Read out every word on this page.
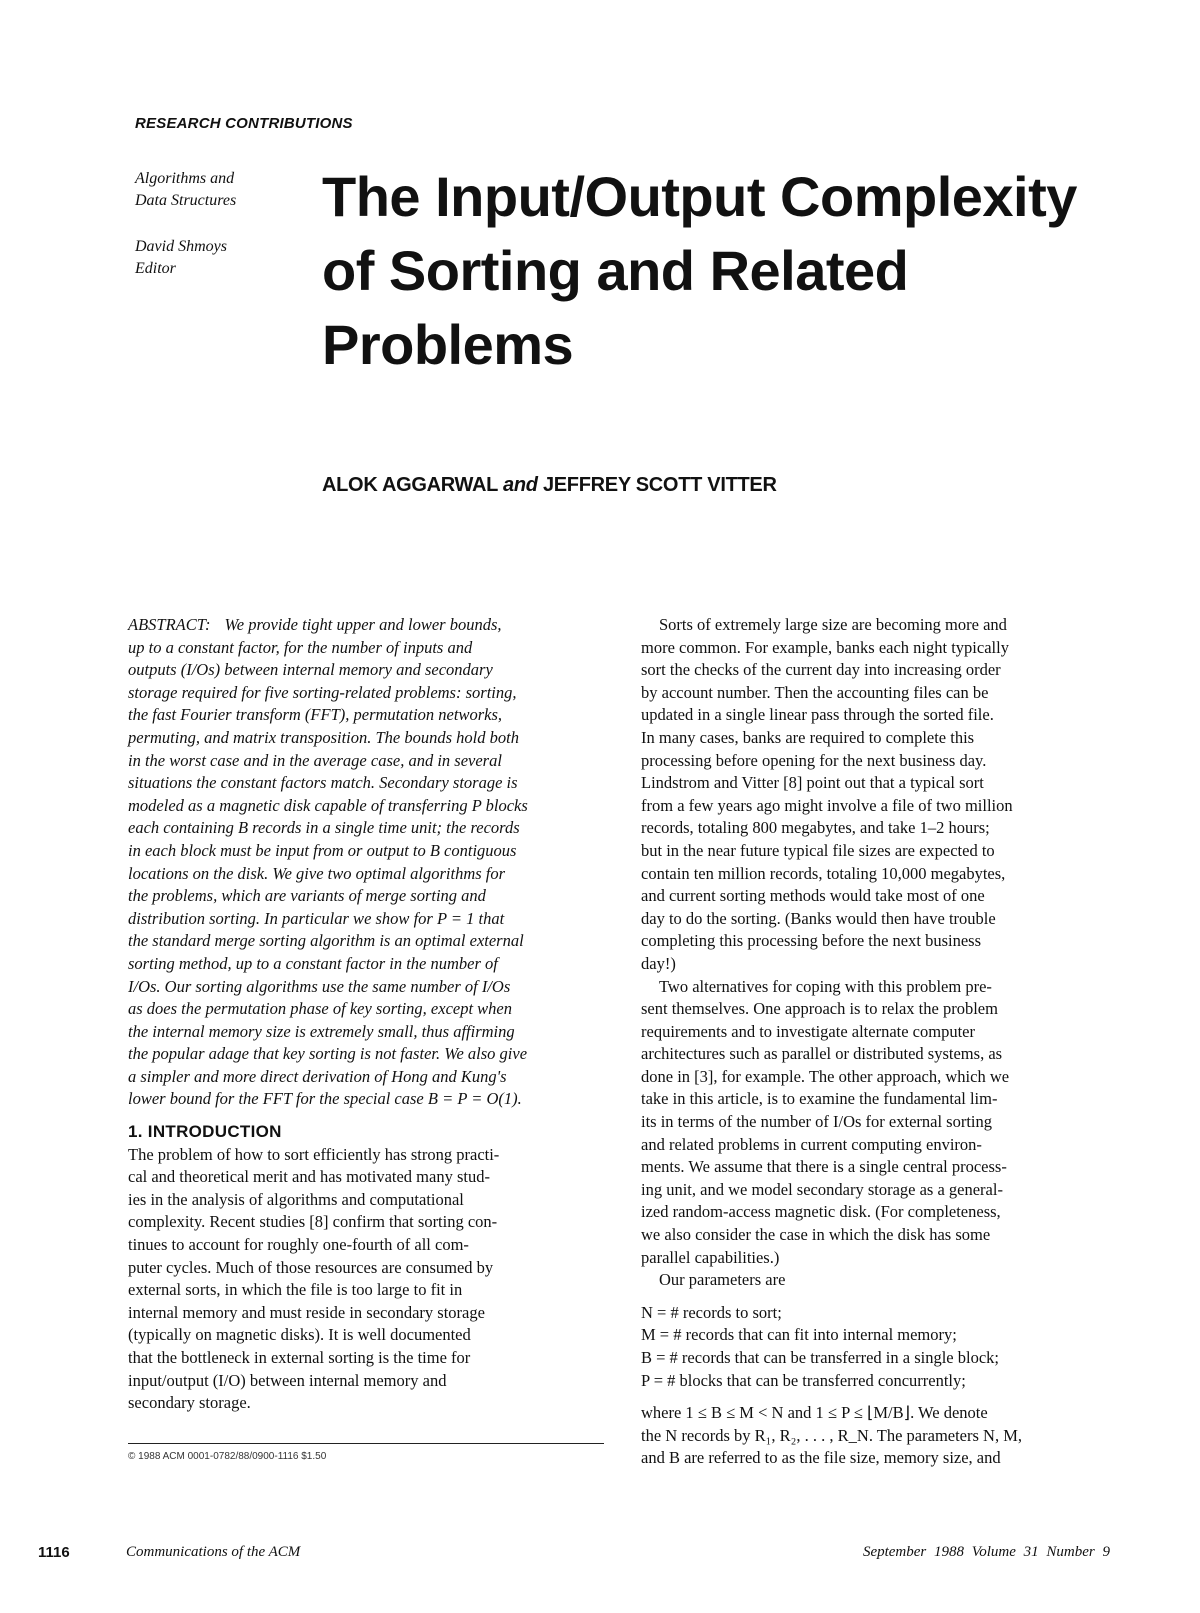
RESEARCH CONTRIBUTIONS
Algorithms and
Data Structures
David Shmoys
Editor
The Input/Output Complexity
of Sorting and Related
Problems
ALOK AGGARWAL and JEFFREY SCOTT VITTER
ABSTRACT: We provide tight upper and lower bounds,
up to a constant factor, for the number of inputs and
outputs (I/Os) between internal memory and secondary
storage required for five sorting-related problems: sorting,
the fast Fourier transform (FFT), permutation networks,
permuting, and matrix transposition. The bounds hold both
in the worst case and in the average case, and in several
situations the constant factors match. Secondary storage is
modeled as a magnetic disk capable of transferring P blocks
each containing B records in a single time unit; the records
in each block must be input from or output to B contiguous
locations on the disk. We give two optimal algorithms for
the problems, which are variants of merge sorting and
distribution sorting. In particular we show for P = 1 that
the standard merge sorting algorithm is an optimal external
sorting method, up to a constant factor in the number of
I/Os. Our sorting algorithms use the same number of I/Os
as does the permutation phase of key sorting, except when
the internal memory size is extremely small, thus affirming
the popular adage that key sorting is not faster. We also give
a simpler and more direct derivation of Hong and Kung's
lower bound for the FFT for the special case B = P = O(1).
1. INTRODUCTION
The problem of how to sort efficiently has strong practi-
cal and theoretical merit and has motivated many stud-
ies in the analysis of algorithms and computational
complexity. Recent studies [8] confirm that sorting con-
tinues to account for roughly one-fourth of all com-
puter cycles. Much of those resources are consumed by
external sorts, in which the file is too large to fit in
internal memory and must reside in secondary storage
(typically on magnetic disks). It is well documented
that the bottleneck in external sorting is the time for
input/output (I/O) between internal memory and
secondary storage.
© 1988 ACM 0001-0782/88/0900-1116 $1.50
Sorts of extremely large size are becoming more and
more common. For example, banks each night typically
sort the checks of the current day into increasing order
by account number. Then the accounting files can be
updated in a single linear pass through the sorted file.
In many cases, banks are required to complete this
processing before opening for the next business day.
Lindstrom and Vitter [8] point out that a typical sort
from a few years ago might involve a file of two million
records, totaling 800 megabytes, and take 1–2 hours;
but in the near future typical file sizes are expected to
contain ten million records, totaling 10,000 megabytes,
and current sorting methods would take most of one
day to do the sorting. (Banks would then have trouble
completing this processing before the next business
day!)
Two alternatives for coping with this problem pre-
sent themselves. One approach is to relax the problem
requirements and to investigate alternate computer
architectures such as parallel or distributed systems, as
done in [3], for example. The other approach, which we
take in this article, is to examine the fundamental lim-
its in terms of the number of I/Os for external sorting
and related problems in current computing environ-
ments. We assume that there is a single central process-
ing unit, and we model secondary storage as a general-
ized random-access magnetic disk. (For completeness,
we also consider the case in which the disk has some
parallel capabilities.)
Our parameters are
N = # records to sort;
M = # records that can fit into internal memory;
B = # records that can be transferred in a single block;
P = # blocks that can be transferred concurrently;
where 1 ≤ B ≤ M < N and 1 ≤ P ≤ ⌊M/B⌋. We denote
the N records by R₁, R₂, . . . , R_N. The parameters N, M,
and B are referred to as the file size, memory size, and
1116	Communications of the ACM	September 1988 Volume 31 Number 9
